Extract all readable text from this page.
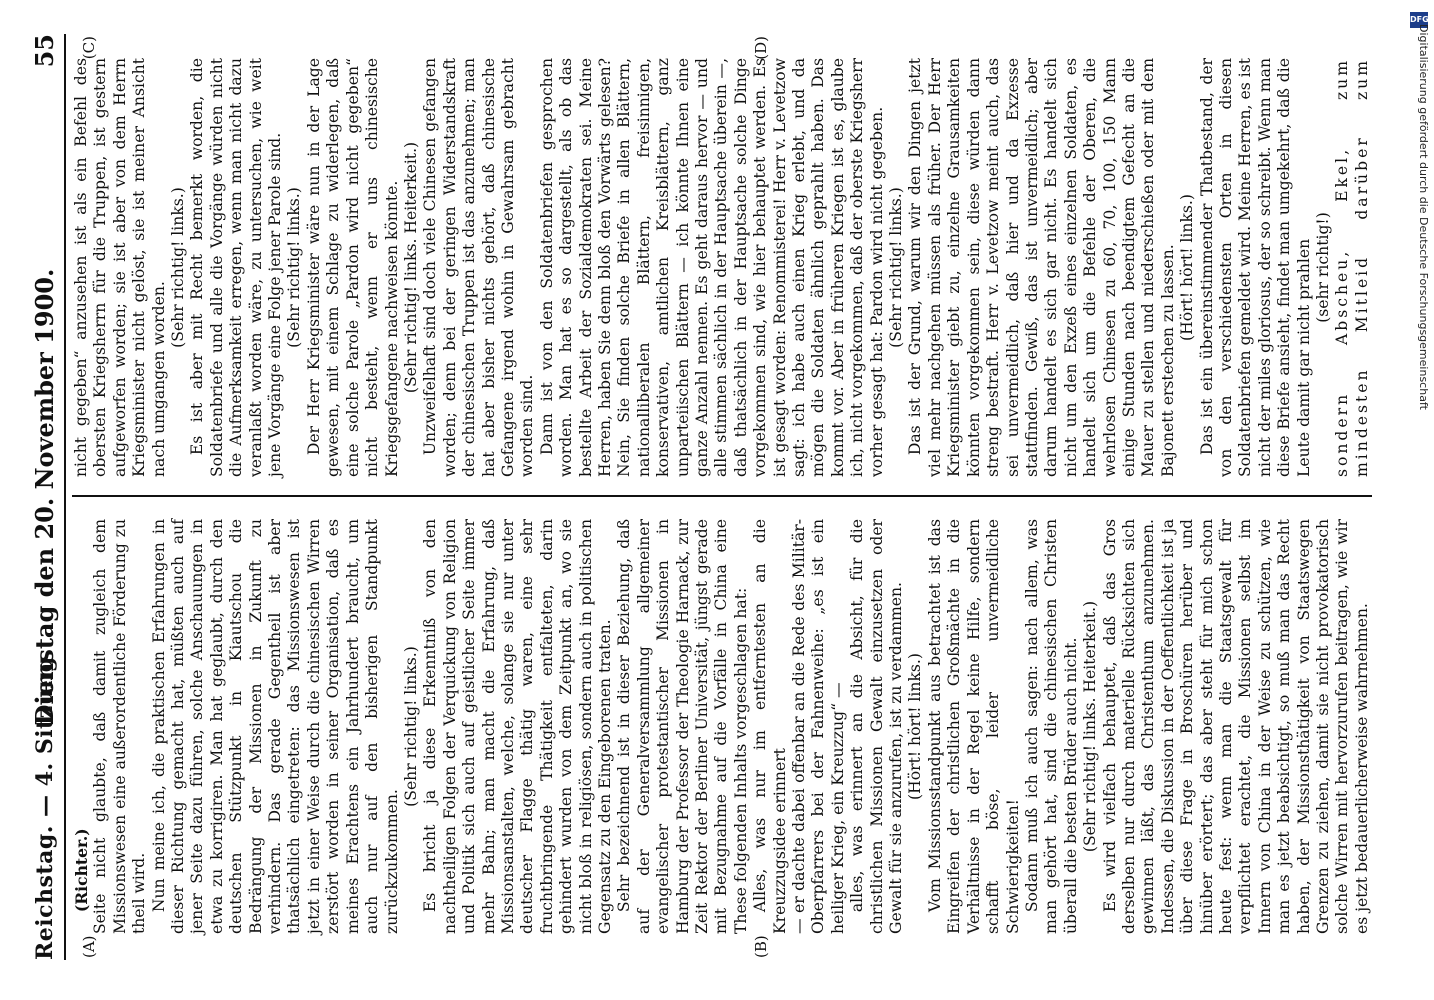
Reichstag. — 4. Sitzung.
Dienstag den 20. November 1900.
55

(Richter.) Seite nicht glaubte, daß damit zugleich dem Missionswesen eine außerordentliche Förderung zu theil wird. Nun meine ich, die praktischen Erfahrungen in dieser Richtung gemacht hat, müßten auch auf jener Seite dazu führen, solche Anschauungen in etwa zu korrigiren. Man hat geglaubt, durch den deutschen Stützpunkt in Kiautschou die Bedrängung der Missionen in Zukunft zu verhindern. Das gerade Gegentheil ist aber thatsächlich eingetreten: das Missionswesen ist jetzt in einer Weise durch die chinesischen Wirren zerstört worden in seiner Organisation, daß es meines Erachtens ein Jahrhundert braucht, um auch nur auf den bisherigen Standpunkt zurückzukommen.

(Sehr richtig! links.) Es bricht ja diese Erkenntniß von den nachtheiligen Folgen der Verquickung von Religion und Politik sich auch auf geistlicher Seite immer mehr Bahn; man macht die Erfahrung, daß Missionsanstalten, welche, solange sie nur unter deutscher Flagge thätig waren, eine sehr fruchtbringende Thätigkeit entfalteten, darin gehindert wurden von dem Zeitpunkt an, wo sie nicht bloß in religiösen, sondern auch in politischen Gegensatz zu den Eingeborenen traten. Sehr bezeichnend ist in dieser Beziehung, daß auf der Generalversammlung allgemeiner evangelischer protestantischer Missionen in Hamburg der Professor der Theologie Harnack, zur Zeit Rektor der Berliner Universität, jüngst gerade mit Bezugnahme auf die Vorfälle in China eine These folgenden Inhalts vorgeschlagen hat: Alles, was nur im entferntesten an die Kreuzzugsidee erinnert — er dachte dabei offenbar an die Rede des Militär-Oberpfarrers bei der Fahnenweihe: „es ist ein heiliger Krieg, ein Kreuzzug“ — alles, was erinnert an die Absicht, für die christlichen Missionen Gewalt einzusetzen oder Gewalt für sie anzurufen, ist zu verdammen. (Hört! hört! links.) Vom Missionsstandpunkt aus betrachtet ist das Eingreifen der christlichen Großmächte in die Verhältnisse in der Regel keine Hilfe, sondern schafft böse, leider unvermeidliche Schwierigkeiten! Sodann muß ich auch sagen: nach allem, was man gehört hat, sind die chinesischen Christen überall die besten Brüder auch nicht. (Sehr richtig! links. Heiterkeit.) Es wird vielfach behauptet, daß das Gros derselben nur durch materielle Rücksichten sich gewinnen läßt, das Christenthum anzunehmen. Indessen, die Diskussion in der Oeffentlichkeit ist ja über diese Frage in Broschüren herüber und hinüber erörtert; das aber steht für mich schon heute fest: wenn man die Staatsgewalt für verpflichtet erachtet, die Missionen selbst im Innern von China in der Weise zu schützen, wie man es jetzt beabsichtigt, so muß man das Recht haben, der Missionsthätigkeit von Staatswegen Grenzen zu ziehen, damit sie nicht provokatorisch solche Wirren mit hervorzurufen beitragen, wie wir es jetzt bedauerlicherweise wahrnehmen.

(A)	(B)

nicht gegeben“ anzusehen ist als ein Befehl des obersten Kriegsherrn für die Truppen, ist gestern aufgeworfen worden; sie ist aber von dem Herrn Kriegsminister nicht gelöst, sie ist meiner Ansicht nach umgangen worden.

(Sehr richtig! links.) Es ist aber mit Recht bemerkt worden, die Soldatenbriefe und alle die Vorgänge würden nicht die Aufmerksamkeit erregen, wenn man nicht dazu veranlaßt worden wäre, zu untersuchen, wie weit jene Vorgänge eine Folge jener Parole sind. (Sehr richtig! links.) Der Herr Kriegsminister wäre nun in der Lage gewesen, mit einem Schlage zu widerlegen, daß eine solche Parole „Pardon wird nicht gegeben“ nicht besteht, wenn er uns chinesische Kriegsgefangene nachweisen könnte. (Sehr richtig! links. Heiterkeit.) Unzweifelhaft sind doch viele Chinesen gefangen worden; denn bei der geringen Widerstandskraft der chinesischen Truppen ist das anzunehmen; man hat aber bisher nichts gehört, daß chinesische Gefangene irgend wohin in Gewahrsam gebracht worden sind. Dann ist von den Soldatenbriefen gesprochen worden. Man hat es so dargestellt, als ob das bestellte Arbeit der Sozialdemokraten sei. Meine Herren, haben Sie denn bloß den Vorwärts gelesen? Nein, Sie finden solche Briefe in allen Blättern, nationalliberalen Blättern, freisinnigen, konservativen, amtlichen Kreisblättern, ganz unparteiischen Blättern — ich könnte Ihnen eine ganze Anzahl nennen. Es geht daraus hervor — und alle stimmen sächlich in der Hauptsache überein —, daß thatsächlich in der Hauptsache solche Dinge vorgekommen sind, wie hier behauptet werden. Es ist gesagt worden: Renommisterei! Herr v. Levetzow sagt: ich habe auch einen Krieg erlebt, und da mögen die Soldaten ähnlich geprahlt haben. Das kommt vor. Aber in früheren Kriegen ist es, glaube ich, nicht vorgekommen, daß der oberste Kriegsherr vorher gesagt hat: Pardon wird nicht gegeben. (Sehr richtig! links.) Das ist der Grund, warum wir den Dingen jetzt viel mehr nachgehen müssen als früher. Der Herr Kriegsminister giebt zu, einzelne Grausamkeiten könnten vorgekommen sein, diese würden dann streng bestraft. Herr v. Levetzow meint auch, das sei unvermeidlich, daß hier und da Exzesse stattfinden. Gewiß, das ist unvermeidlich; aber darum handelt es sich gar nicht. Es handelt sich nicht um den Exzeß eines einzelnen Soldaten, es handelt sich um die Befehle der Oberen, die wehrlosen Chinesen zu 60, 70, 100, 150 Mann einige Stunden nach beendigtem Gefecht an die Mauer zu stellen und niederschießen oder mit dem Bajonett erstechen zu lassen. (Hört! hört! links.) Das ist ein übereinstimmender Thatbestand, der von den verschiedensten Orten in diesen Soldatenbriefen gemeldet wird. Meine Herren, es ist nicht der miles gloriosus, der so schreibt. Wenn man diese Briefe ansieht, findet man umgekehrt, daß die Leute damit gar nicht prahlen (sehr richtig!)

sondern Abscheu, Ekel, zum mindesten Mitleid darüber zum

(C)	(D)
DFG
Digitalisierung gefördert durch die Deutsche Forschungsgemeinschaft
